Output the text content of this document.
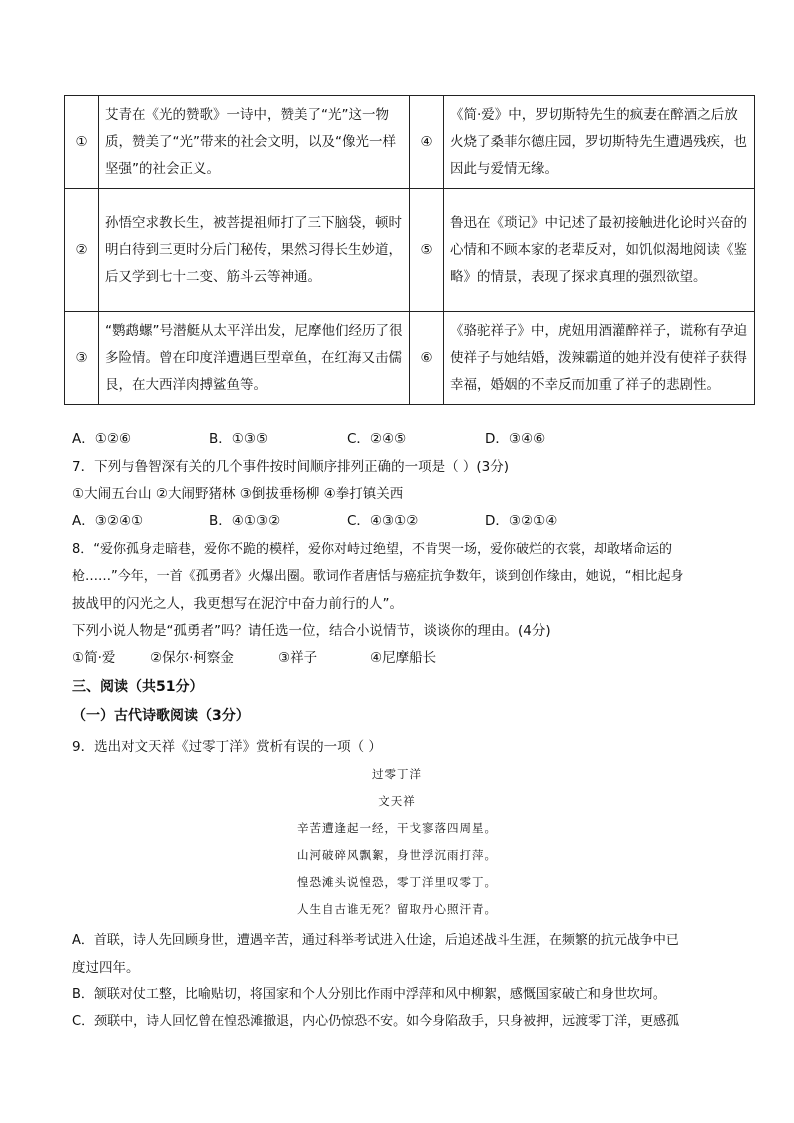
①	艾青在《光的赞歌》一诗中，赞美了“光”这一物质，赞美了“光”带来的社会文明，以及“像光一样坚强”的社会正义。	④	《简·爱》中，罗切斯特先生的疯妻在醉酒之后放火烧了桑菲尔德庄园，罗切斯特先生遭遇残疾，也因此与爱情无缘。
②	孙悟空求教长生，被菩提祖师打了三下脑袋，顿时明白待到三更时分后门秘传，果然习得长生妙道，后又学到七十二变、筋斗云等神通。	⑤	鲁迅在《琐记》中记述了最初接触进化论时兴奋的心情和不顾本家的老辈反对，如饥似渴地阅读《鉴略》的情景，表现了探求真理的强烈欲望。
③	“鹦鹉螺”号潜艇从太平洋出发，尼摩他们经历了很多险情。曾在印度洋遭遇巨型章鱼，在红海又击儒艮，在大西洋肉搏鲨鱼等。	⑥	《骆驼祥子》中，虎妞用酒灌醉祥子，谎称有孕迫使祥子与她结婚，泼辣霸道的她并没有使祥子获得幸福，婚姻的不幸反而加重了祥子的悲剧性。
A．①②⑥	B．①③⑤	C．②④⑤	D．③④⑥
7．下列与鲁智深有关的几个事件按时间顺序排列正确的一项是（ ）(3分)
①大闹五台山 ②大闹野猪林 ③倒拔垂杨柳 ④拳打镇关西
A．③②④①	B．④①③②	C．④③①②	D．③②①④
8．“爱你孤身走暗巷，爱你不跪的模样，爱你对峙过绝望，不肯哭一场，爱你破烂的衣裳，却敢堵命运的
枪……”今年，一首《孤勇者》火爆出圈。歌词作者唐恬与癌症抗争数年，谈到创作缘由，她说，“相比起身
披战甲的闪光之人，我更想写在泥泞中奋力前行的人”。
下列小说人物是“孤勇者”吗？请任选一位，结合小说情节，谈谈你的理由。(4分)
①简·爱	②保尔·柯察金	③祥子	④尼摩船长
三、阅读（共51分）
（一）古代诗歌阅读（3分）
9．选出对文天祥《过零丁洋》赏析有误的一项（ ）
过零丁洋
文天祥
辛苦遭逢起一经，干戈寥落四周星。
山河破碎风飘絮，身世浮沉雨打萍。
惶恐滩头说惶恐，零丁洋里叹零丁。
人生自古谁无死？留取丹心照汗青。
A．首联，诗人先回顾身世，遭遇辛苦，通过科举考试进入仕途，后追述战斗生涯，在频繁的抗元战争中已
度过四年。
B．颔联对仗工整，比喻贴切，将国家和个人分别比作雨中浮萍和风中柳絮，感慨国家破亡和身世坎坷。
C．颈联中，诗人回忆曾在惶恐滩撤退，内心仍惊恐不安。如今身陷敌手，只身被押，远渡零丁洋，更感孤
